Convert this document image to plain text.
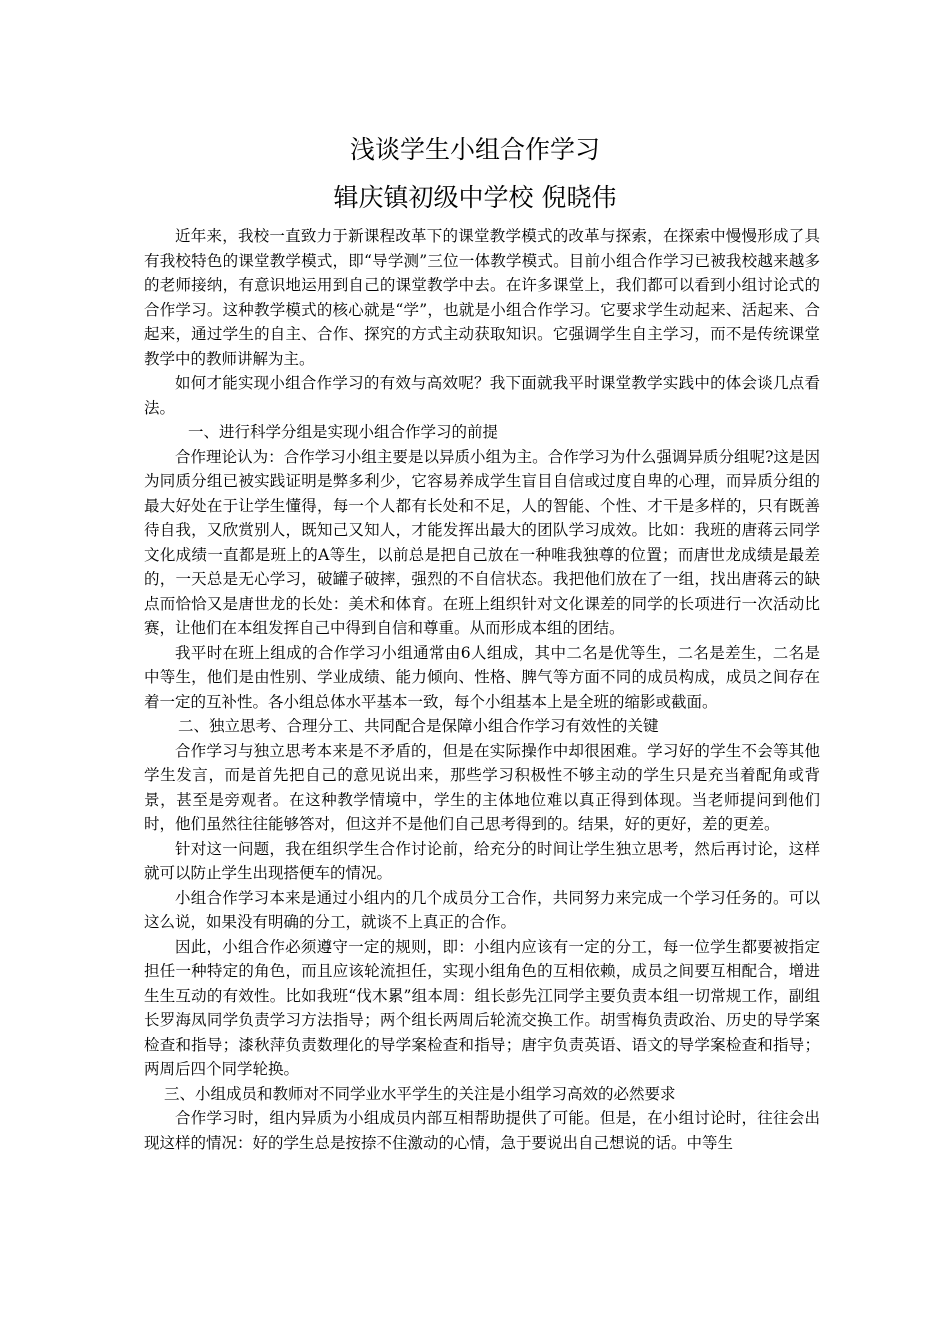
浅谈学生小组合作学习
辑庆镇初级中学校 倪晓伟

近年来，我校一直致力于新课程改革下的课堂教学模式的改革与探索，在探索中慢慢形成了具有我校特色的课堂教学模式，即“导学测”三位一体教学模式。目前小组合作学习已被我校越来越多的老师接纳，有意识地运用到自己的课堂教学中去。在许多课堂上，我们都可以看到小组讨论式的合作学习。这种教学模式的核心就是“学”，也就是小组合作学习。它要求学生动起来、活起来、合起来，通过学生的自主、合作、探究的方式主动获取知识。它强调学生自主学习，而不是传统课堂教学中的教师讲解为主。

如何才能实现小组合作学习的有效与高效呢？我下面就我平时课堂教学实践中的体会谈几点看法。

一、进行科学分组是实现小组合作学习的前提

合作理论认为：合作学习小组主要是以异质小组为主。合作学习为什么强调异质分组呢?这是因为同质分组已被实践证明是弊多利少，它容易养成学生盲目自信或过度自卑的心理，而异质分组的最大好处在于让学生懂得，每一个人都有长处和不足，人的智能、个性、才干是多样的，只有既善待自我，又欣赏别人，既知己又知人，才能发挥出最大的团队学习成效。比如：我班的唐蒋云同学文化成绩一直都是班上的A等生，以前总是把自己放在一种唯我独尊的位置；而唐世龙成绩是最差的，一天总是无心学习，破罐子破摔，强烈的不自信状态。我把他们放在了一组，找出唐蒋云的缺点而恰恰又是唐世龙的长处：美术和体育。在班上组织针对文化课差的同学的长项进行一次活动比赛，让他们在本组发挥自己中得到自信和尊重。从而形成本组的团结。

我平时在班上组成的合作学习小组通常由6人组成，其中二名是优等生，二名是差生，二名是中等生，他们是由性别、学业成绩、能力倾向、性格、脾气等方面不同的成员构成，成员之间存在着一定的互补性。各小组总体水平基本一致，每个小组基本上是全班的缩影或截面。

二、独立思考、合理分工、共同配合是保障小组合作学习有效性的关键

合作学习与独立思考本来是不矛盾的，但是在实际操作中却很困难。学习好的学生不会等其他学生发言，而是首先把自己的意见说出来，那些学习积极性不够主动的学生只是充当着配角或背景，甚至是旁观者。在这种教学情境中，学生的主体地位难以真正得到体现。当老师提问到他们时，他们虽然往往能够答对，但这并不是他们自己思考得到的。结果，好的更好，差的更差。

针对这一问题，我在组织学生合作讨论前，给充分的时间让学生独立思考，然后再讨论，这样就可以防止学生出现搭便车的情况。

小组合作学习本来是通过小组内的几个成员分工合作，共同努力来完成一个学习任务的。可以这么说，如果没有明确的分工，就谈不上真正的合作。

因此，小组合作必须遵守一定的规则，即：小组内应该有一定的分工，每一位学生都要被指定担任一种特定的角色，而且应该轮流担任，实现小组角色的互相依赖，成员之间要互相配合，增进生生互动的有效性。比如我班“伐木累”组本周：组长彭先江同学主要负责本组一切常规工作，副组长罗海凤同学负责学习方法指导；两个组长两周后轮流交换工作。胡雪梅负责政治、历史的导学案检查和指导；漆秋萍负责数理化的导学案检查和指导；唐宇负责英语、语文的导学案检查和指导；两周后四个同学轮换。

三、小组成员和教师对不同学业水平学生的关注是小组学习高效的必然要求

合作学习时，组内异质为小组成员内部互相帮助提供了可能。但是，在小组讨论时，往往会出现这样的情况：好的学生总是按捺不住激动的心情，急于要说出自己想说的话。中等生
